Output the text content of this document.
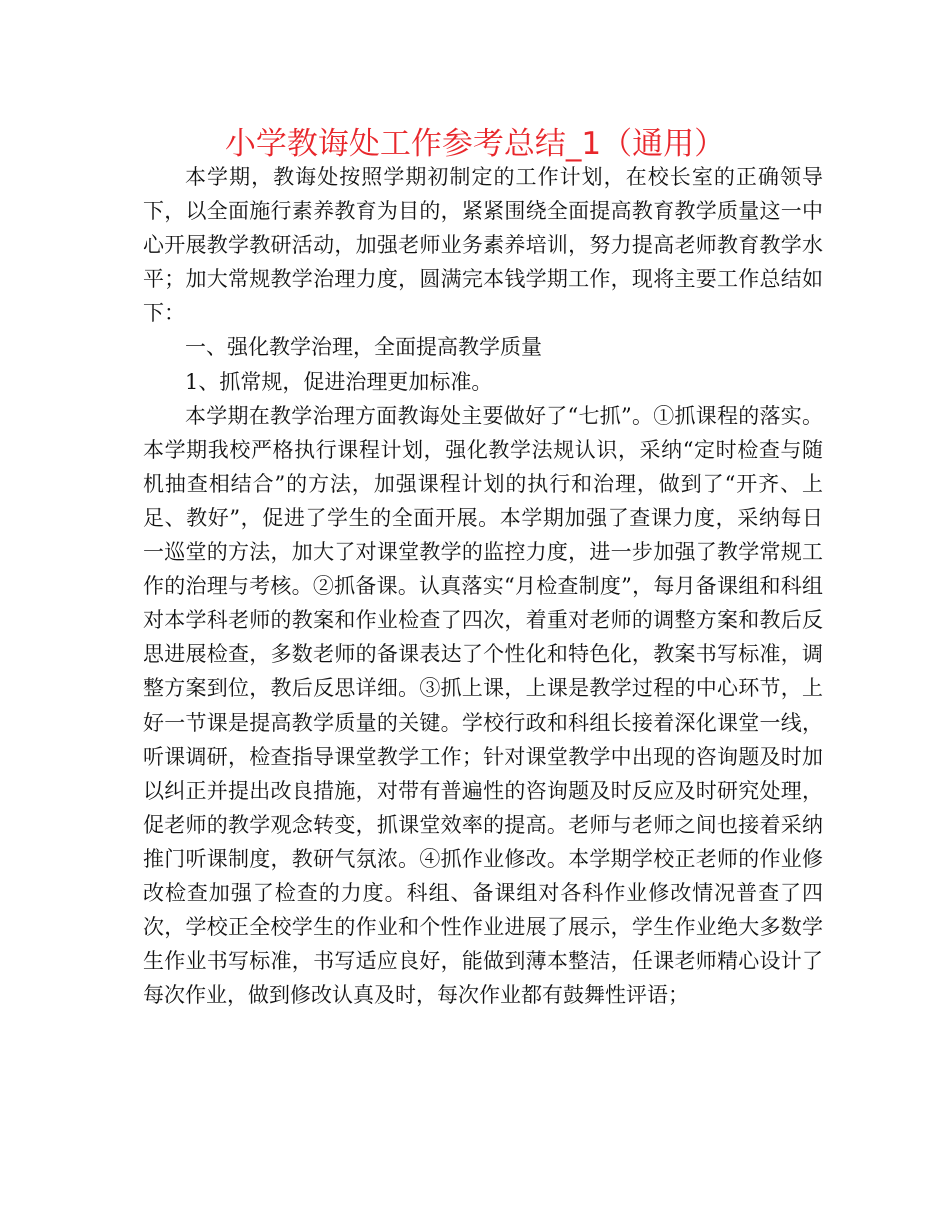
小学教诲处工作参考总结_1（通用）

本学期，教诲处按照学期初制定的工作计划，在校长室的正确领导下，以全面施行素养教育为目的，紧紧围绕全面提高教育教学质量这一中心开展教学教研活动，加强老师业务素养培训，努力提高老师教育教学水平；加大常规教学治理力度，圆满完本钱学期工作，现将主要工作总结如下：

一、强化教学治理，全面提高教学质量

1、抓常规，促进治理更加标准。

本学期在教学治理方面教诲处主要做好了“七抓”。①抓课程的落实。本学期我校严格执行课程计划，强化教学法规认识，采纳“定时检查与随机抽查相结合”的方法，加强课程计划的执行和治理，做到了“开齐、上足、教好”，促进了学生的全面开展。本学期加强了查课力度，采纳每日一巡堂的方法，加大了对课堂教学的监控力度，进一步加强了教学常规工作的治理与考核。②抓备课。认真落实“月检查制度”，每月备课组和科组对本学科老师的教案和作业检查了四次，着重对老师的调整方案和教后反思进展检查，多数老师的备课表达了个性化和特色化，教案书写标准，调整方案到位，教后反思详细。③抓上课，上课是教学过程的中心环节，上好一节课是提高教学质量的关键。学校行政和科组长接着深化课堂一线，听课调研，检查指导课堂教学工作；针对课堂教学中出现的咨询题及时加以纠正并提出改良措施，对带有普遍性的咨询题及时反应及时研究处理，促老师的教学观念转变，抓课堂效率的提高。老师与老师之间也接着采纳推门听课制度，教研气氛浓。④抓作业修改。本学期学校正老师的作业修改检查加强了检查的力度。科组、备课组对各科作业修改情况普查了四次，学校正全校学生的作业和个性作业进展了展示，学生作业绝大多数学生作业书写标准，书写适应良好，能做到薄本整洁，任课老师精心设计了每次作业，做到修改认真及时，每次作业都有鼓舞性评语；
